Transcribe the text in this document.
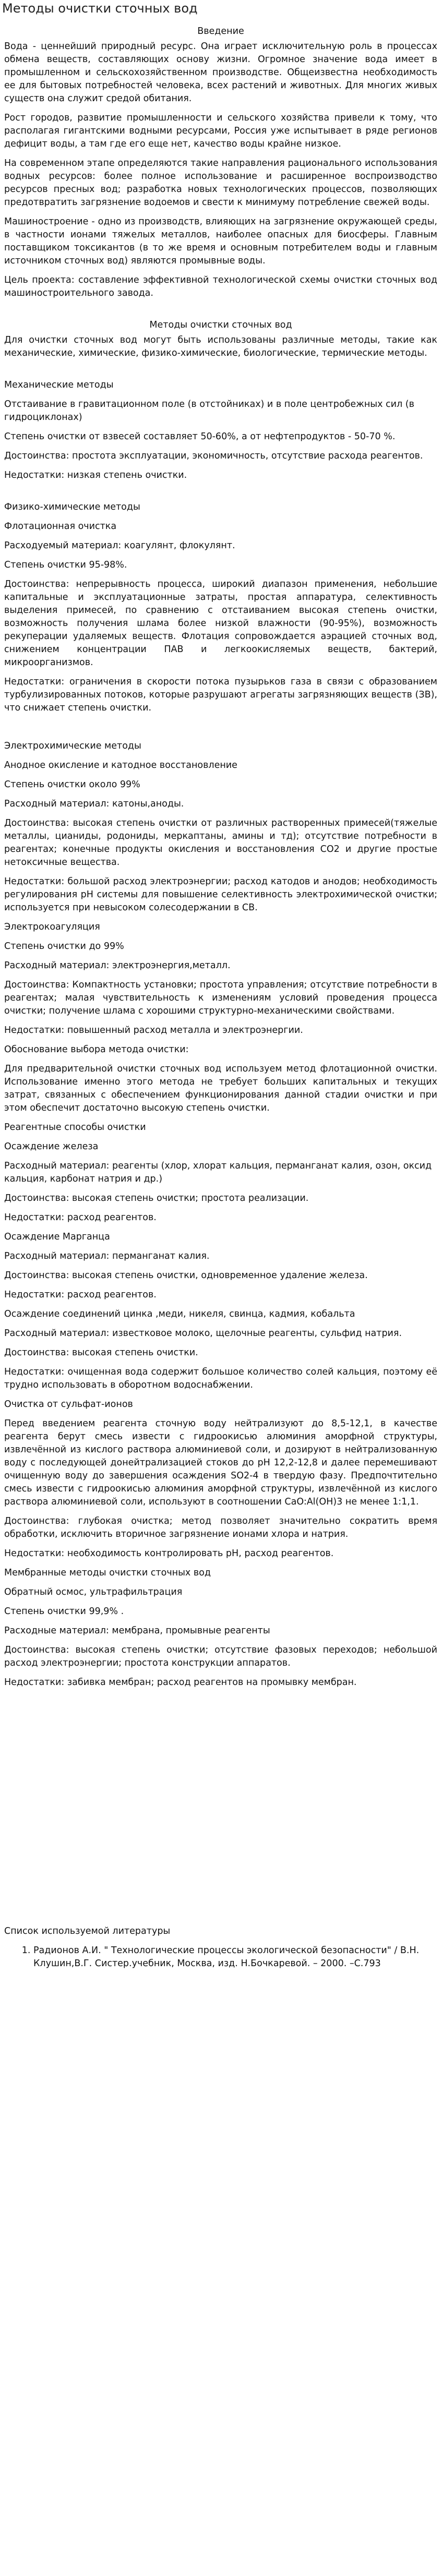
Методы очистки сточных вод

Введение

Вода - ценнейший природный ресурс. Она играет исключительную роль в процессах обмена веществ, составляющих основу жизни. Огромное значение вода имеет в промышленном и сельскохозяйственном производстве. Общеизвестна необходимость ее для бытовых потребностей человека, всех растений и животных. Для многих живых существ она служит средой обитания.

Рост городов, развитие промышленности и сельского хозяйства привели к тому, что располагая гигантскими водными ресурсами, Россия уже испытывает в ряде регионов дефицит воды, а там где его еще нет, качество воды крайне низкое.

На современном этапе определяются такие направления рационального использования водных ресурсов: более полное использование и расширенное воспроизводство ресурсов пресных вод; разработка новых технологических процессов, позволяющих предотвратить загрязнение водоемов и свести к минимуму потребление свежей воды.

Машиностроение - одно из производств, влияющих на загрязнение окружающей среды, в частности ионами тяжелых металлов, наиболее опасных для биосферы. Главным поставщиком токсикантов (в то же время и основным потребителем воды и главным источником сточных вод) являются промывные воды.

Цель проекта: составление эффективной технологической схемы очистки сточных вод машиностроительного завода.

Методы очистки сточных вод

Для очистки сточных вод могут быть использованы различные методы, такие как механические, химические, физико-химические, биологические, термические методы.

Механические методы

Отстаивание в гравитационном поле (в отстойниках) и в поле центробежных сил (в гидроциклонах)

Степень очистки от взвесей составляет 50-60%, а от нефтепродуктов - 50-70 %.

Достоинства: простота эксплуатации, экономичность, отсутствие расхода реагентов.

Недостатки: низкая степень очистки.

Физико-химические методы

Флотационная очистка

Расходуемый материал: коагулянт, флокулянт.

Степень очистки 95-98%.

Достоинства: непрерывность процесса, широкий диапазон применения, небольшие капитальные и эксплуатационные затраты, простая аппаратура, селективность выделения примесей, по сравнению с отстаиванием высокая степень очистки, возможность получения шлама более низкой влажности (90-95%), возможность рекуперации удаляемых веществ. Флотация сопровождается аэрацией сточных вод, снижением концентрации ПАВ и легкоокисляемых веществ, бактерий, микроорганизмов.

Недостатки: ограничения в скорости потока пузырьков газа в связи с образованием турбулизированных потоков, которые разрушают агрегаты загрязняющих веществ (ЗВ), что снижает степень очистки.

Электрохимические методы

Анодное окисление и катодное восстановление

Степень очистки около 99%

Расходный материал: катоны,аноды.

Достоинства: высокая степень очистки от различных растворенных примесей(тяжелые металлы, цианиды, родониды, меркаптаны, амины и тд); отсутствие потребности в реагентах; конечные продукты окисления и восстановления CO2 и другие простые нетоксичные вещества.

Недостатки: большой расход электроэнергии; расход катодов и анодов; необходимость регулирования pH системы для повышение селективность электрохимической очистки; используется при невысоком солесодержании в СВ.

Электрокоагуляция

Степень очистки до 99%

Расходный материал: электроэнергия,металл.

Достоинства: Компактность установки; простота управления; отсутствие потребности в реагентах; малая чувствительность к изменениям условий проведения процесса очистки; получение шлама с хорошими структурно-механическими свойствами.

Недостатки: повышенный расход металла и электроэнергии.

Обоснование выбора метода очистки:

Для предварительной очистки сточных вод используем метод флотационной очистки. Использование именно этого метода не требует больших капитальных и текущих затрат, связанных с обеспечением функционирования данной стадии очистки и при этом обеспечит достаточно высокую степень очистки.

Реагентные способы очистки

Осаждение железа

Расходный материал: реагенты (хлор, хлорат кальция, перманганат калия, озон, оксид кальция, карбонат натрия и др.)

Достоинства: высокая степень очистки; простота реализации.

Недостатки: расход реагентов.

Осаждение Марганца

Расходный материал: перманганат калия.

Достоинства: высокая степень очистки, одновременное удаление железа.

Недостатки: расход реагентов.

Осаждение соединений цинка ,меди, никеля, свинца, кадмия, кобальта

Расходный материал: известковое молоко, щелочные реагенты, сульфид натрия.

Достоинства: высокая степень очистки.

Недостатки: очищенная вода содержит большое количество солей кальция, поэтому её трудно использовать в оборотном водоснабжении.

Очистка от сульфат-ионов

Перед введением реагента сточную воду нейтрализуют до 8,5-12,1, в качестве реагента берут смесь извести с гидроокисью алюминия аморфной структуры, извлечённой из кислого раствора алюминиевой соли, и дозируют в нейтрализованную воду с последующей донейтрализацией стоков до pH 12,2-12,8 и далее перемешивают очищенную воду до завершения осаждения SO2-4 в твердую фазу. Предпочтительно смесь извести с гидроокисью алюминия аморфной структуры, извлечённой из кислого раствора алюминиевой соли, используют в соотношении CaO:Al(OH)3 не менее 1:1,1.

Достоинства: глубокая очистка; метод позволяет значительно сократить время обработки, исключить вторичное загрязнение ионами хлора и натрия.

Недостатки: необходимость контролировать pH, расход реагентов.

Мембранные методы очистки сточных вод

Обратный осмос, ультрафильтрация

Степень очистки 99,9% .

Расходные материал: мембрана, промывные реагенты

Достоинства: высокая степень очистки; отсутствие фазовых переходов; небольшой расход электроэнергии; простота конструкции аппаратов.

Недостатки: забивка мембран; расход реагентов на промывку мембран.

Список используемой литературы

1. Радионов А.И. " Технологические процессы экологической безопасности" / В.Н. Клушин,В.Г. Систер.учебник, Москва, изд. Н.Бочкаревой. – 2000. –С.793
